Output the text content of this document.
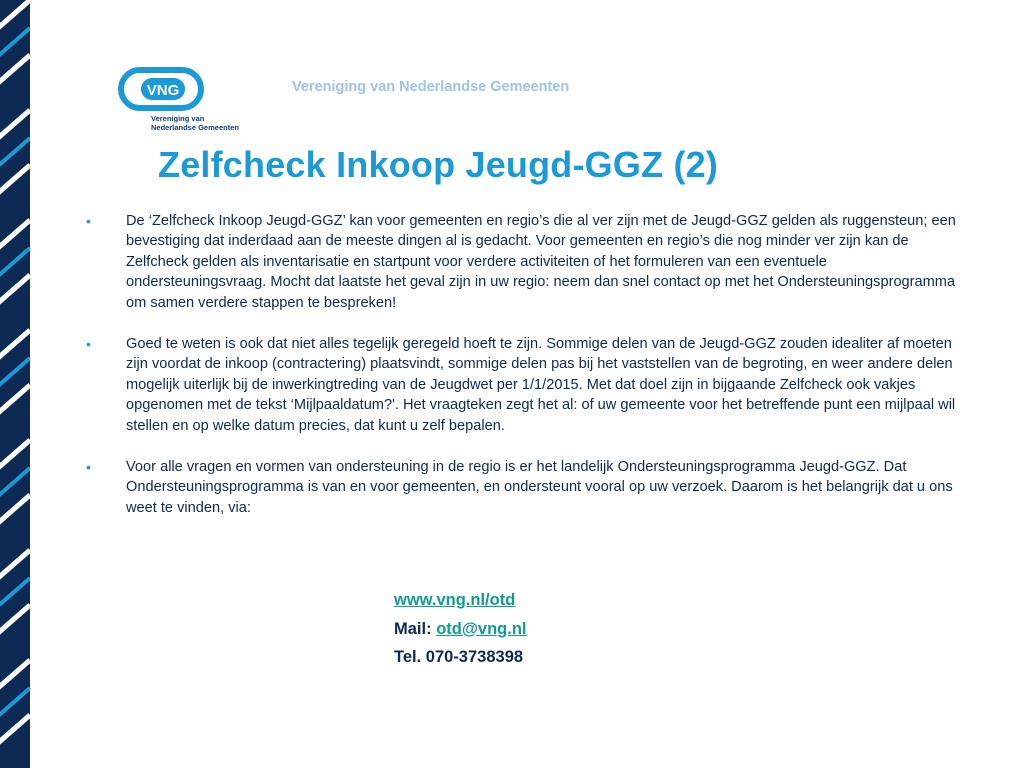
VNG
Vereniging van
Nederlandse Gemeenten
Vereniging van Nederlandse Gemeenten
Zelfcheck Inkoop Jeugd-GGZ (2)
• De ‘Zelfcheck Inkoop Jeugd-GGZ’ kan voor gemeenten en regio’s die al ver zijn met de Jeugd-GGZ gelden als ruggensteun; een bevestiging dat inderdaad aan de meeste dingen al is gedacht. Voor gemeenten en regio’s die nog minder ver zijn kan de Zelfcheck gelden als inventarisatie en startpunt voor verdere activiteiten of het formuleren van een eventuele ondersteuningsvraag. Mocht dat laatste het geval zijn in uw regio: neem dan snel contact op met het Ondersteuningsprogramma om samen verdere stappen te bespreken!
• Goed te weten is ook dat niet alles tegelijk geregeld hoeft te zijn. Sommige delen van de Jeugd-GGZ zouden idealiter af moeten zijn voordat de inkoop (contractering) plaatsvindt, sommige delen pas bij het vaststellen van de begroting, en weer andere delen mogelijk uiterlijk bij de inwerkingtreding van de Jeugdwet per 1/1/2015. Met dat doel zijn in bijgaande Zelfcheck ook vakjes opgenomen met de tekst ‘Mijlpaaldatum?'. Het vraagteken zegt het al: of uw gemeente voor het betreffende punt een mijlpaal wil stellen en op welke datum precies, dat kunt u zelf bepalen.
• Voor alle vragen en vormen van ondersteuning in de regio is er het landelijk Ondersteuningsprogramma Jeugd-GGZ. Dat Ondersteuningsprogramma is van en voor gemeenten, en ondersteunt vooral op uw verzoek. Daarom is het belangrijk dat u ons weet te vinden, via:
www.vng.nl/otd
Mail: otd@vng.nl
Tel. 070-3738398
